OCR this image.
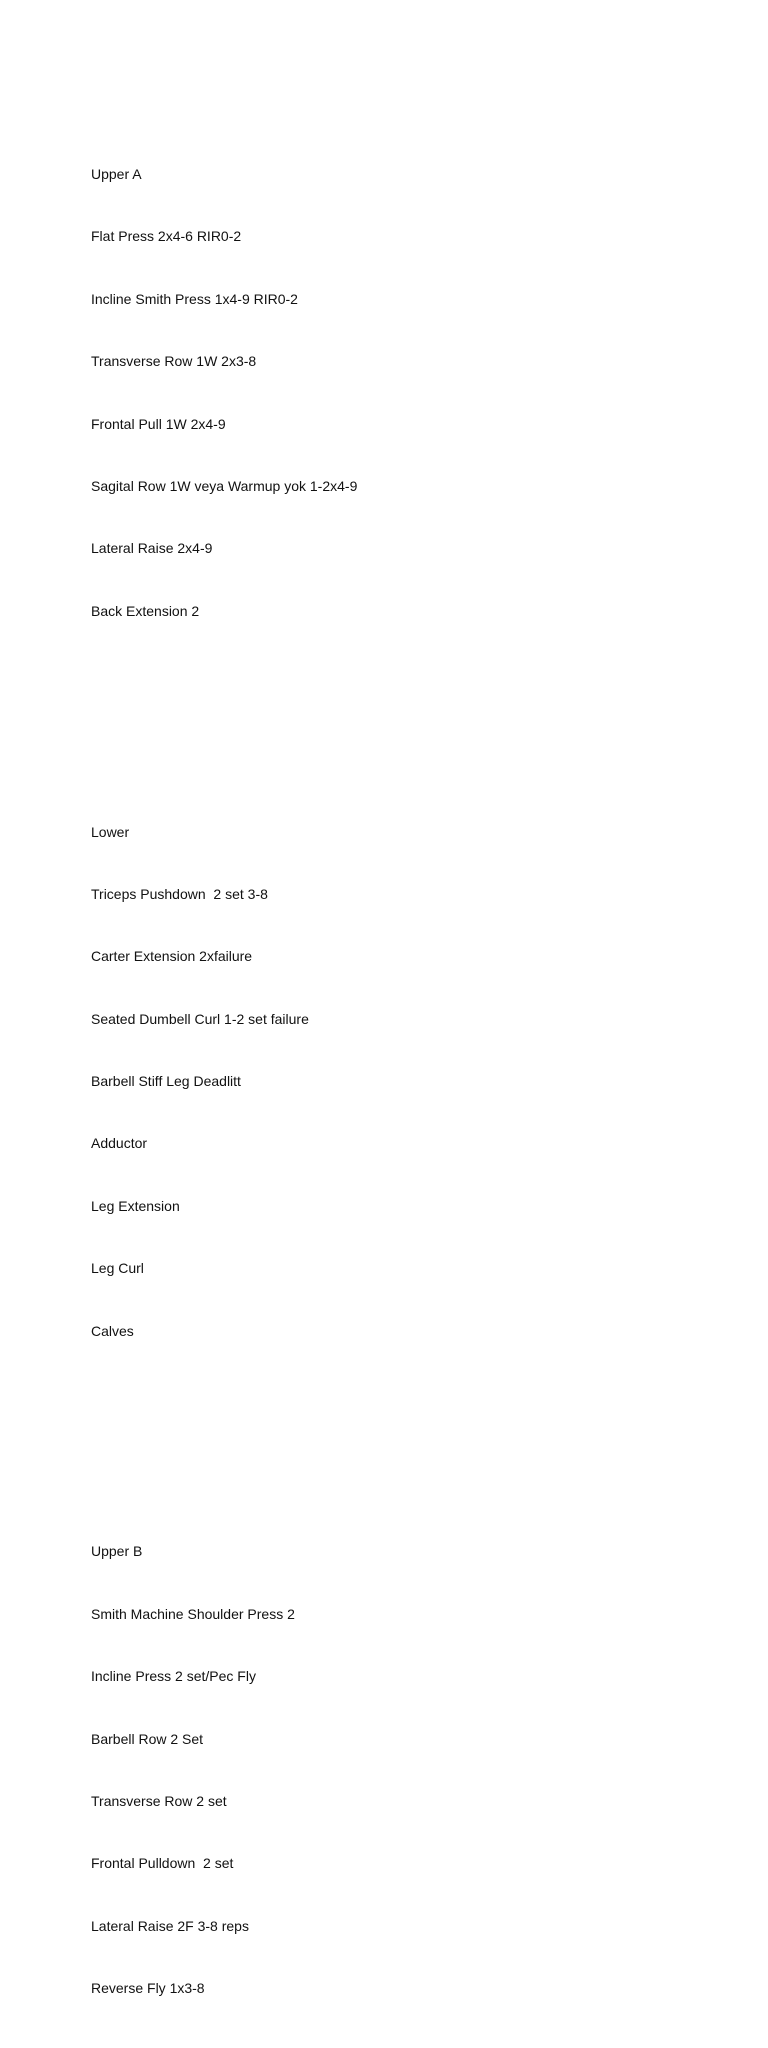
Upper A

Flat Press 2x4-6 RIR0-2

Incline Smith Press 1x4-9 RIR0-2

Transverse Row 1W 2x3-8

Frontal Pull 1W 2x4-9

Sagital Row 1W veya Warmup yok 1-2x4-9

Lateral Raise 2x4-9

Back Extension 2

Lower

Triceps Pushdown  2 set 3-8

Carter Extension 2xfailure

Seated Dumbell Curl 1-2 set failure

Barbell Stiff Leg Deadlitt

Adductor

Leg Extension

Leg Curl

Calves

Upper B

Smith Machine Shoulder Press 2

Incline Press 2 set/Pec Fly

Barbell Row 2 Set

Transverse Row 2 set

Frontal Pulldown  2 set

Lateral Raise 2F 3-8 reps

Reverse Fly 1x3-8
